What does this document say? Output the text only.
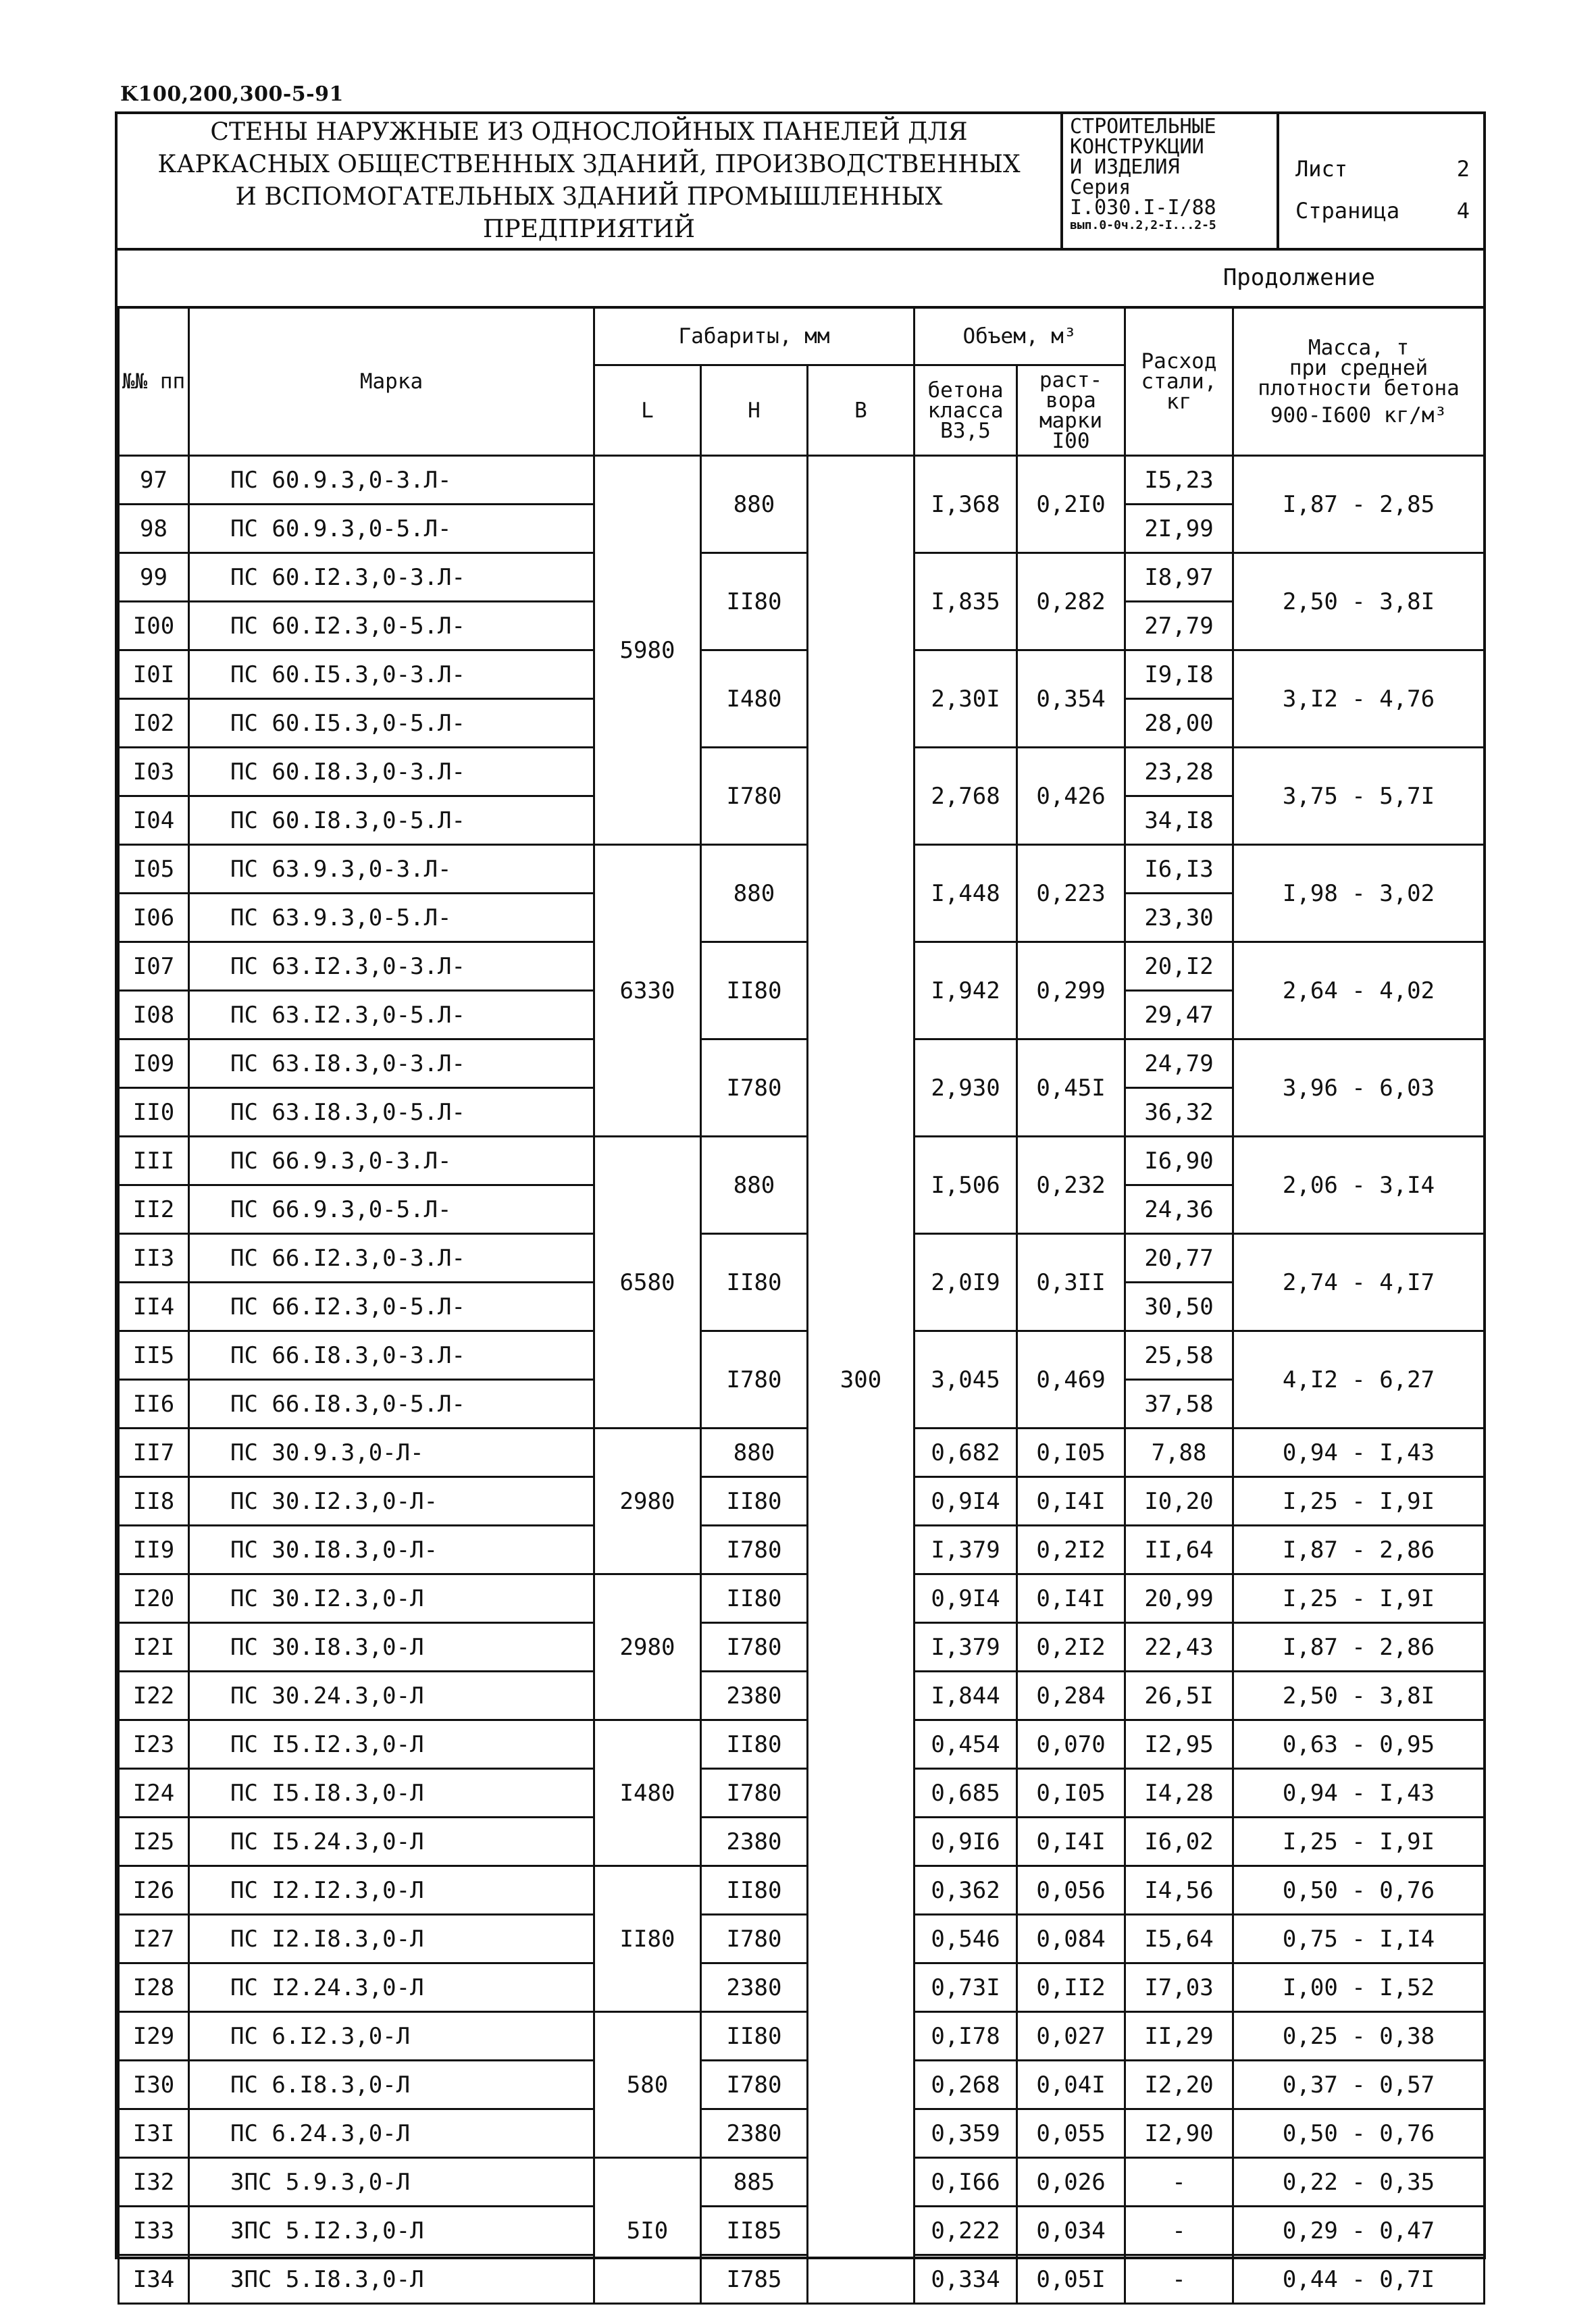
K100,200,300-5-91
СТЕНЫ НАРУЖНЫЕ ИЗ ОДНОСЛОЙНЫХ ПАНЕЛЕЙ ДЛЯ КАРКАСНЫХ ОБЩЕСТВЕННЫХ ЗДАНИЙ, ПРОИЗВОДСТВЕННЫХ И ВСПОМОГАТЕЛЬНЫХ ЗДАНИЙ ПРОМЫШЛЕННЫХ ПРЕДПРИЯТИЙ
СТРОИТЕЛЬНЫЕ
КОНСТРУКЦИИ
И ИЗДЕЛИЯ
Серия
I.030.I-I/88
вып.0-0ч.2,2-I...2-5
Лист	2
Страница	4
Продолжение
№№ пп	Марка	Габариты, мм			Объем, м³		Расход стали, кг	Масса, т
при средней плотности бетона
900-I600 кг/м³

		L	H	B	бетона класса В3,5	раст-вора марки I00		
97	ПС 60.9.3,0-3.Л-	5980	880	300	I,368	0,2I0	I5,23	I,87 - 2,85
98	ПС 60.9.3,0-5.Л-						2I,99	
99	ПС 60.I2.3,0-3.Л-		II80		I,835	0,282	I8,97	2,50 - 3,8I
I00	ПС 60.I2.3,0-5.Л-						27,79	
I0I	ПС 60.I5.3,0-3.Л-		I480		2,30I	0,354	I9,I8	3,I2 - 4,76
I02	ПС 60.I5.3,0-5.Л-						28,00	
I03	ПС 60.I8.3,0-3.Л-		I780		2,768	0,426	23,28	3,75 - 5,7I
I04	ПС 60.I8.3,0-5.Л-						34,I8	
I05	ПС 63.9.3,0-3.Л-	6330	880		I,448	0,223	I6,I3	I,98 - 3,02
I06	ПС 63.9.3,0-5.Л-						23,30	
I07	ПС 63.I2.3,0-3.Л-		II80		I,942	0,299	20,I2	2,64 - 4,02
I08	ПС 63.I2.3,0-5.Л-						29,47	
I09	ПС 63.I8.3,0-3.Л-		I780		2,930	0,45I	24,79	3,96 - 6,03
II0	ПС 63.I8.3,0-5.Л-						36,32	
III	ПС 66.9.3,0-3.Л-	6580	880		I,506	0,232	I6,90	2,06 - 3,I4
II2	ПС 66.9.3,0-5.Л-						24,36	
II3	ПС 66.I2.3,0-3.Л-		II80		2,0I9	0,3II	20,77	2,74 - 4,I7
II4	ПС 66.I2.3,0-5.Л-						30,50	
II5	ПС 66.I8.3,0-3.Л-		I780		3,045	0,469	25,58	4,I2 - 6,27
II6	ПС 66.I8.3,0-5.Л-						37,58	
II7	ПС 30.9.3,0-Л-	2980	880		0,682	0,I05	7,88	0,94 - I,43
II8	ПС 30.I2.3,0-Л-		II80		0,9I4	0,I4I	I0,20	I,25 - I,9I
II9	ПС 30.I8.3,0-Л-		I780		I,379	0,2I2	II,64	I,87 - 2,86
I20	ПС 30.I2.3,0-Л	2980	II80		0,9I4	0,I4I	20,99	I,25 - I,9I
I2I	ПС 30.I8.3,0-Л		I780		I,379	0,2I2	22,43	I,87 - 2,86
I22	ПС 30.24.3,0-Л		2380		I,844	0,284	26,5I	2,50 - 3,8I
I23	ПС I5.I2.3,0-Л	I480	II80		0,454	0,070	I2,95	0,63 - 0,95
I24	ПС I5.I8.3,0-Л		I780		0,685	0,I05	I4,28	0,94 - I,43
I25	ПС I5.24.3,0-Л		2380		0,9I6	0,I4I	I6,02	I,25 - I,9I
I26	ПС I2.I2.3,0-Л	II80	II80		0,362	0,056	I4,56	0,50 - 0,76
I27	ПС I2.I8.3,0-Л		I780		0,546	0,084	I5,64	0,75 - I,I4
I28	ПС I2.24.3,0-Л		2380		0,73I	0,II2	I7,03	I,00 - I,52
I29	ПС 6.I2.3,0-Л	580	II80		0,I78	0,027	II,29	0,25 - 0,38
I30	ПС 6.I8.3,0-Л		I780		0,268	0,04I	I2,20	0,37 - 0,57
I3I	ПС 6.24.3,0-Л		2380		0,359	0,055	I2,90	0,50 - 0,76
I32	ЗПС 5.9.3,0-Л	5I0	885		0,I66	0,026	-	0,22 - 0,35
I33	ЗПС 5.I2.3,0-Л		II85		0,222	0,034	-	0,29 - 0,47
I34	ЗПС 5.I8.3,0-Л		I785		0,334	0,05I	-	0,44 - 0,7I
